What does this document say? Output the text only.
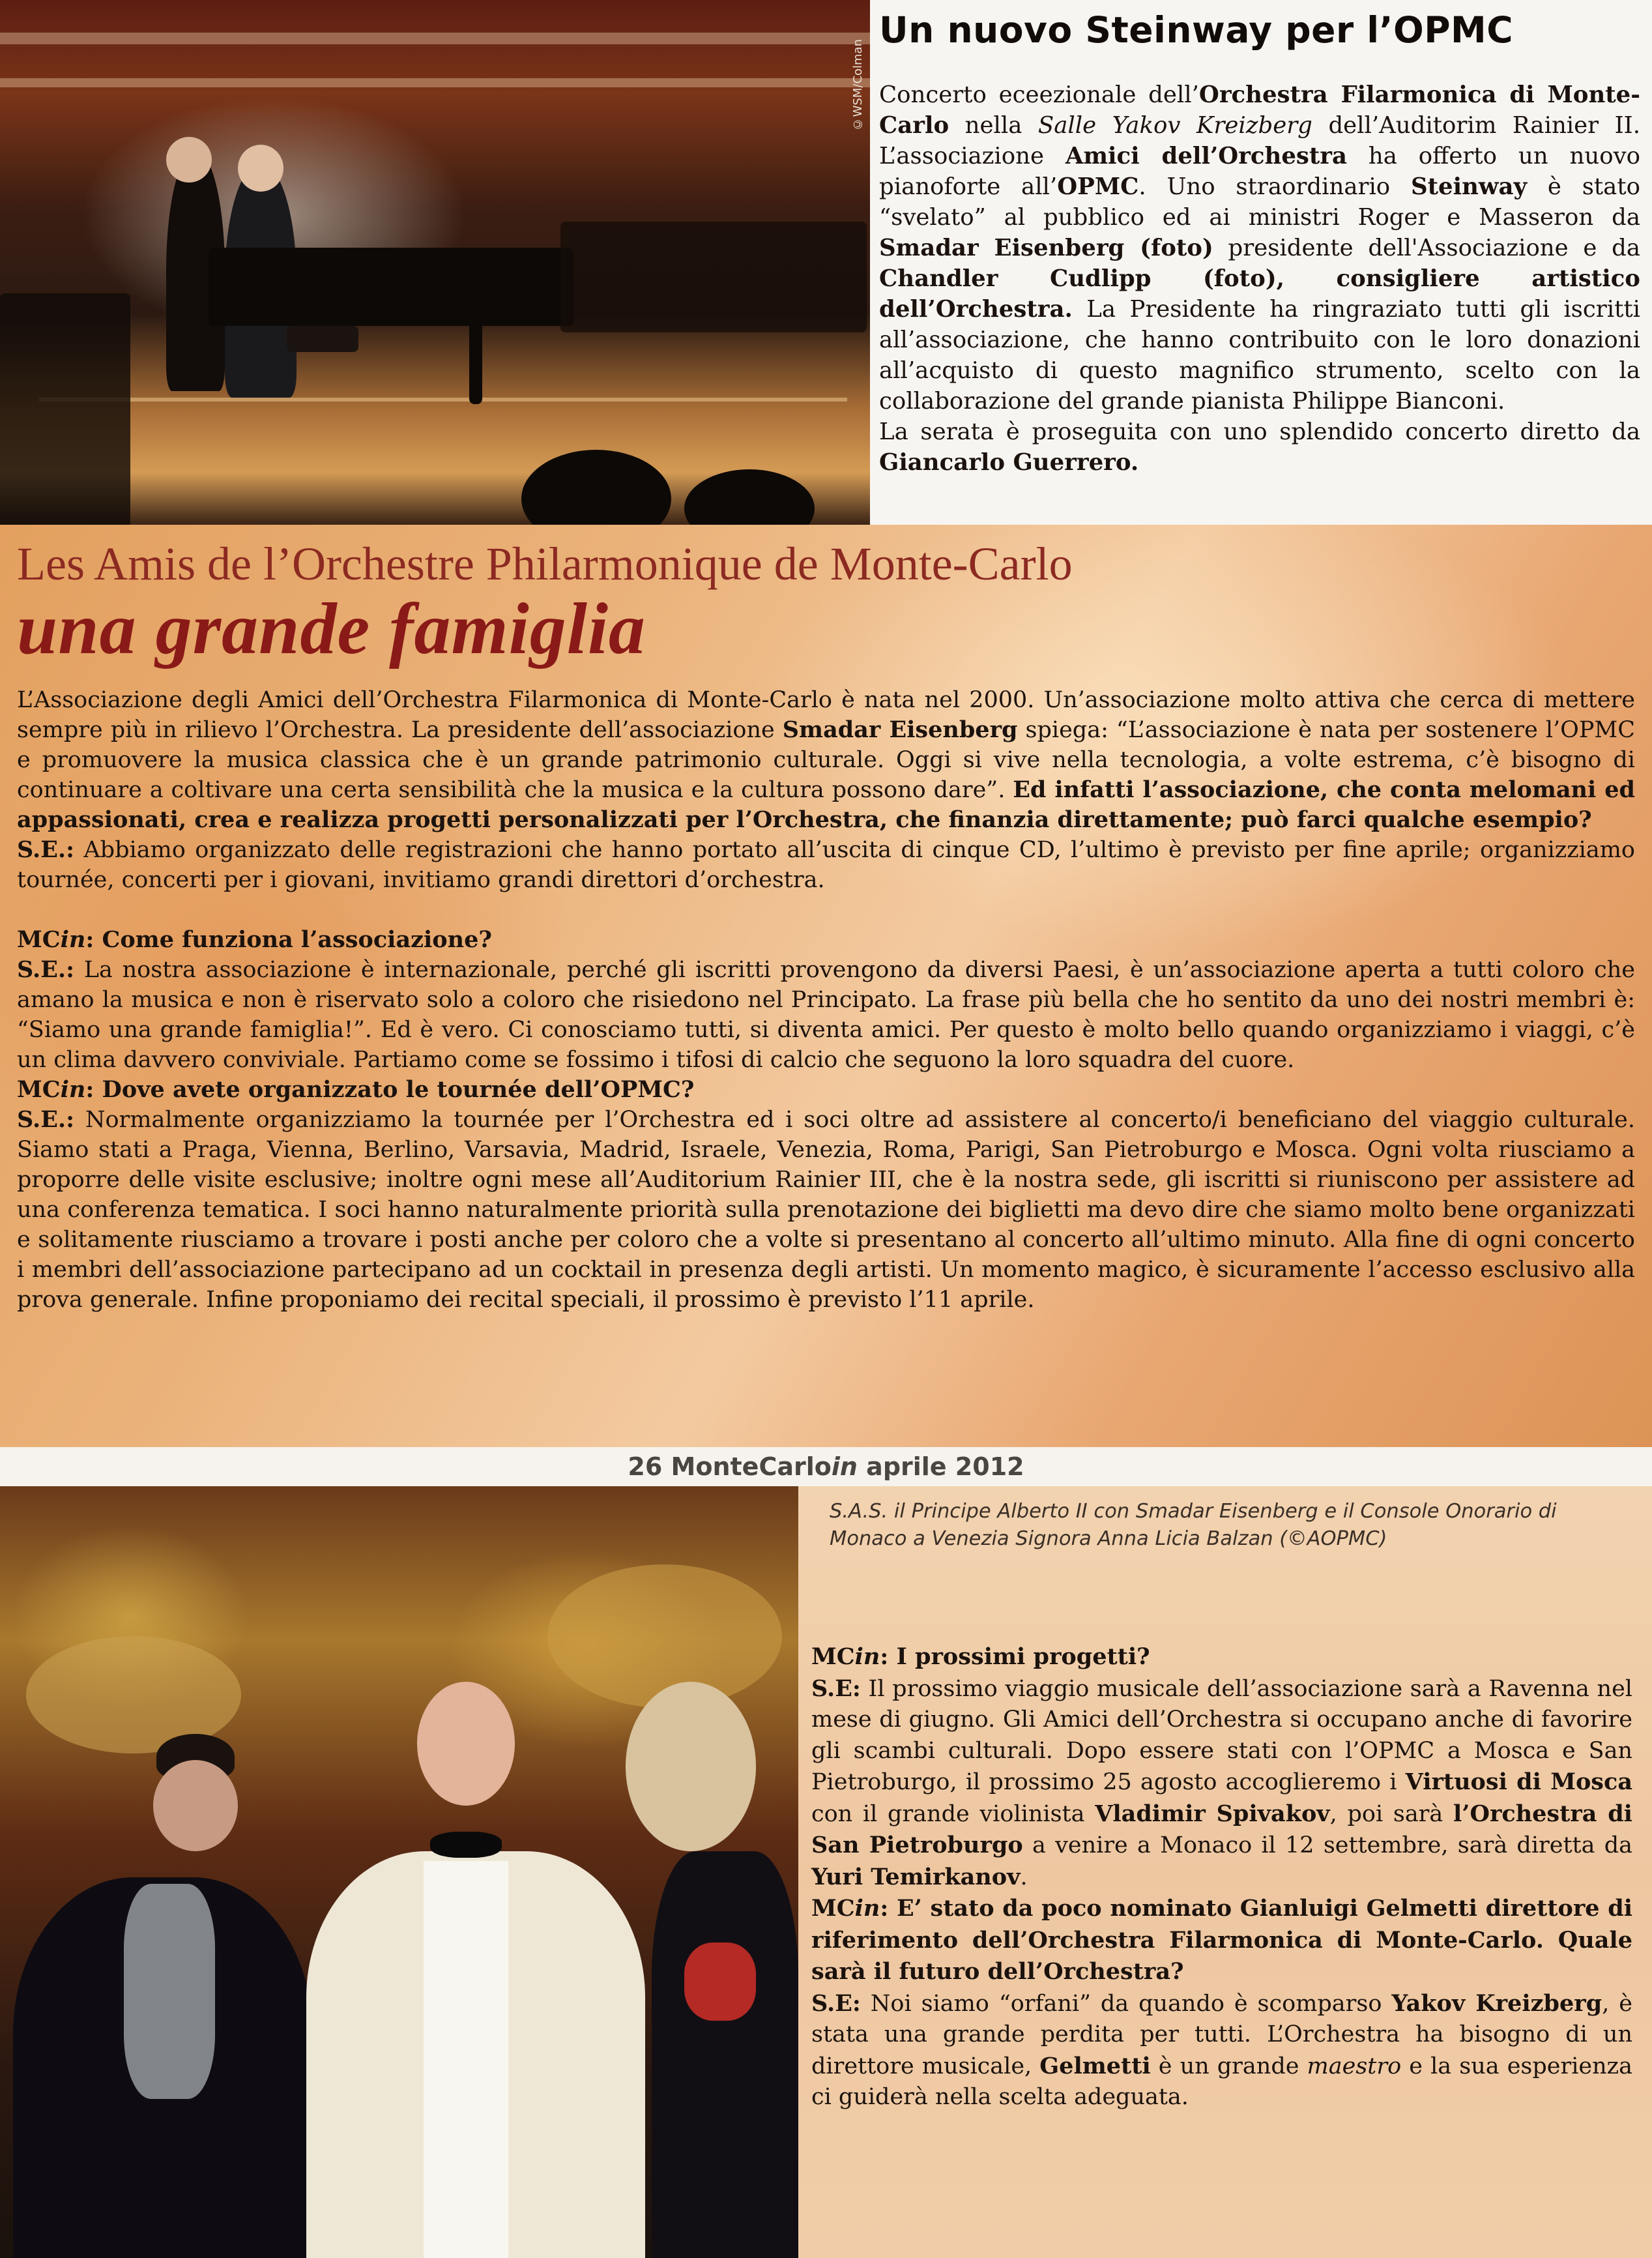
©WSM/Colman
Un nuovo Steinway per l’OPMC

Concerto eceezionale dell’Orchestra Filarmonica di Monte-Carlo nella Salle Yakov Kreizberg dell’Auditorim Rainier II. L’associazione Amici dell’Orchestra ha offerto un nuovo pianoforte all’OPMC. Uno straordinario Steinway è stato “svelato” al pubblico ed ai ministri Roger e Masseron da Smadar Eisenberg (foto) presidente dell'Associazione e da Chandler Cudlipp (foto), consigliere artistico dell’Orchestra. La Presidente ha ringraziato tutti gli iscritti all’associazione, che hanno contribuito con le loro donazioni all’acquisto di questo magnifico strumento, scelto con la collaborazione del grande pianista Philippe Bianconi.

La serata è proseguita con uno splendido concerto diretto da Giancarlo Guerrero.

Les Amis de l’Orchestre Philarmonique de Monte-Carlo
una grande famiglia

L’Associazione degli Amici dell’Orchestra Filarmonica di Monte-Carlo è nata nel 2000. Un’associazione molto attiva che cerca di mettere sempre più in rilievo l’Orchestra. La presidente dell’associazione Smadar Eisenberg spiega: “L’associazione è nata per sostenere l’OPMC e promuovere la musica classica che è un grande patrimonio culturale. Oggi si vive nella tecnologia, a volte estrema, c’è bisogno di continuare a coltivare una certa sensibilità che la musica e la cultura possono dare”. Ed infatti l’associazione, che conta melomani ed appassionati, crea e realizza progetti personalizzati per l’Orchestra, che finanzia direttamente; può farci qualche esempio?

S.E.: Abbiamo organizzato delle registrazioni che hanno portato all’uscita di cinque CD, l’ultimo è previsto per fine aprile; organizziamo tournée, concerti per i giovani, invitiamo grandi direttori d’orchestra.

MCin: Come funziona l’associazione?

S.E.: La nostra associazione è internazionale, perché gli iscritti provengono da diversi Paesi, è un’associazione aperta a tutti coloro che amano la musica e non è riservato solo a coloro che risiedono nel Principato. La frase più bella che ho sentito da uno dei nostri membri è: “Siamo una grande famiglia!”. Ed è vero. Ci conosciamo tutti, si diventa amici. Per questo è molto bello quando organizziamo i viaggi, c’è un clima davvero conviviale. Partiamo come se fossimo i tifosi di calcio che seguono la loro squadra del cuore.

MCin: Dove avete organizzato le tournée dell’OPMC?

S.E.: Normalmente organizziamo la tournée per l’Orchestra ed i soci oltre ad assistere al concerto/i beneficiano del viaggio culturale. Siamo stati a Praga, Vienna, Berlino, Varsavia, Madrid, Israele, Venezia, Roma, Parigi, San Pietroburgo e Mosca. Ogni volta riusciamo a proporre delle visite esclusive; inoltre ogni mese all’Auditorium Rainier III, che è la nostra sede, gli iscritti si riuniscono per assistere ad una conferenza tematica. I soci hanno naturalmente priorità sulla prenotazione dei biglietti ma devo dire che siamo molto bene organizzati e solitamente riusciamo a trovare i posti anche per coloro che a volte si presentano al concerto all’ultimo minuto. Alla fine di ogni concerto i membri dell’associazione partecipano ad un cocktail in presenza degli artisti. Un momento magico, è sicuramente l’accesso esclusivo alla prova generale. Infine proponiamo dei recital speciali, il prossimo è previsto l’11 aprile.

26 MonteCarloin aprile 2012
S.A.S. il Principe Alberto II con Smadar Eisenberg e il Console Onorario di Monaco a Venezia Signora Anna Licia Balzan (©AOPMC)

MCin: I prossimi progetti?

S.E: Il prossimo viaggio musicale dell’associazione sarà a Ravenna nel mese di giugno. Gli Amici dell’Orchestra si occupano anche di favorire gli scambi culturali. Dopo essere stati con l’OPMC a Mosca e San Pietroburgo, il prossimo 25 agosto accoglieremo i Virtuosi di Mosca con il grande violinista Vladimir Spivakov, poi sarà l’Orchestra di San Pietroburgo a venire a Monaco il 12 settembre, sarà diretta da Yuri Temirkanov.

MCin: E’ stato da poco nominato Gianluigi Gelmetti direttore di riferimento dell’Orchestra Filarmonica di Monte-Carlo. Quale sarà il futuro dell’Orchestra?

S.E: Noi siamo “orfani” da quando è scomparso Yakov Kreizberg, è stata una grande perdita per tutti. L’Orchestra ha bisogno di un direttore musicale, Gelmetti è un grande maestro e la sua esperienza ci guiderà nella scelta adeguata.
